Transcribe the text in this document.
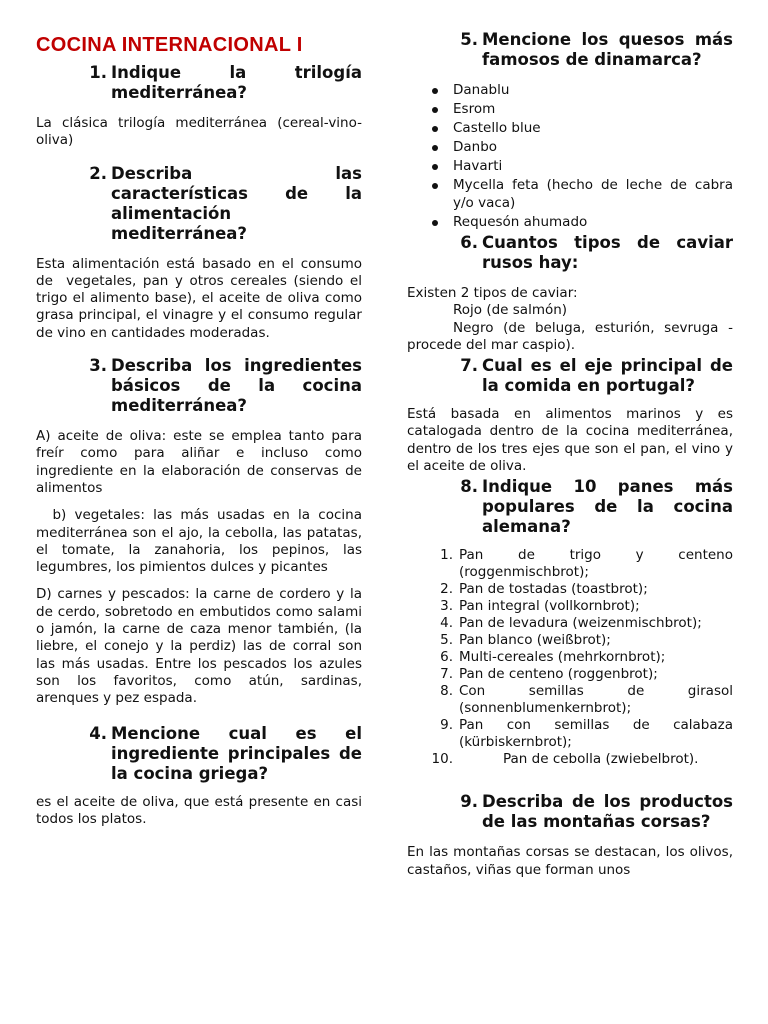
COCINA INTERNACIONAL I
1. Indique la trilogía mediterránea?
La clásica trilogía mediterránea (cereal-vino-oliva)
2. Describa las características de la alimentación mediterránea?
Esta alimentación está basado en el consumo de  vegetales, pan y otros cereales (siendo el trigo el alimento base), el aceite de oliva como grasa principal, el vinagre y el consumo regular de vino en cantidades moderadas.
3. Describa los ingredientes básicos de la cocina mediterránea?
A) aceite de oliva: este se emplea tanto para freír como para aliñar e incluso como ingrediente en la elaboración de conservas de alimentos
b) vegetales: las más usadas en la cocina mediterránea son el ajo, la cebolla, las patatas, el tomate, la zanahoria, los pepinos, las legumbres, los pimientos dulces y picantes
D) carnes y pescados: la carne de cordero y la de cerdo, sobretodo en embutidos como salami o jamón, la carne de caza menor también, (la liebre, el conejo y la perdiz) las de corral son las más usadas. Entre los pescados los azules son los favoritos, como atún, sardinas, arenques y pez espada.
4. Mencione cual es el ingrediente principales de la cocina griega?
es el aceite de oliva, que está presente en casi todos los platos.
5. Mencione los quesos más famosos de dinamarca?
Danablu
Esrom
Castello blue
Danbo
Havarti
Mycella feta (hecho de leche de cabra y/o vaca)
Requesón ahumado
6. Cuantos tipos de caviar rusos hay:
Existen 2 tipos de caviar:
Rojo (de salmón)
Negro (de beluga, esturión, sevruga - procede del mar caspio).
7. Cual es el eje principal de la comida en portugal?
Está basada en alimentos marinos y es catalogada dentro de la cocina mediterránea, dentro de los tres ejes que son el pan, el vino y el aceite de oliva.
8. Indique 10 panes más populares de la cocina alemana?
1. Pan de trigo y centeno (roggenmischbrot);
2. Pan de tostadas (toastbrot);
3. Pan integral (vollkornbrot);
4. Pan de levadura (weizenmischbrot);
5. Pan blanco (weißbrot);
6. Multi-cereales (mehrkornbrot);
7. Pan de centeno (roggenbrot);
8. Con semillas de girasol (sonnenblumenkernbrot);
9. Pan con semillas de calabaza (kürbiskernbrot);
10.	Pan de cebolla (zwiebelbrot).
9. Describa de los productos de las montañas corsas?
En las montañas corsas se destacan, los olivos, castaños, viñas que forman unos
